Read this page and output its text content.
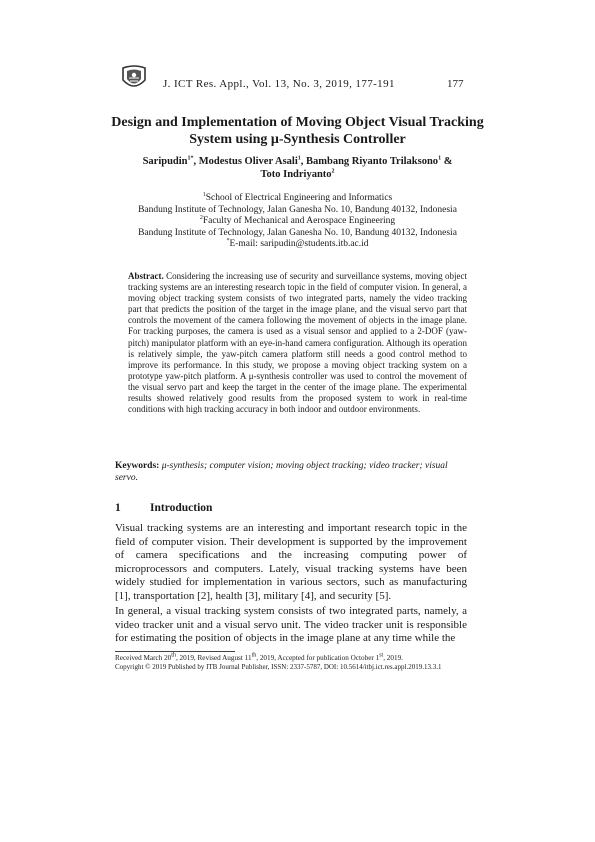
J. ICT Res. Appl., Vol. 13, No. 3, 2019, 177-191	177
Design and Implementation of Moving Object Visual Tracking System using μ-Synthesis Controller
Saripudin$^{1*}$, Modestus Oliver Asali$^1$, Bambang Riyanto Trilaksono$^1$ &
Toto Indriyanto$^2$
$^1$School of Electrical Engineering and Informatics
Bandung Institute of Technology, Jalan Ganesha No. 10, Bandung 40132, Indonesia
$^2$Faculty of Mechanical and Aerospace Engineering
Bandung Institute of Technology, Jalan Ganesha No. 10, Bandung 40132, Indonesia
*E-mail: saripudin@students.itb.ac.id
Abstract. Considering the increasing use of security and surveillance systems, moving object tracking systems are an interesting research topic in the field of computer vision. In general, a moving object tracking system consists of two integrated parts, namely the video tracking part that predicts the position of the target in the image plane, and the visual servo part that controls the movement of the camera following the movement of objects in the image plane. For tracking purposes, the camera is used as a visual sensor and applied to a 2-DOF (yaw-pitch) manipulator platform with an eye-in-hand camera configuration. Although its operation is relatively simple, the yaw-pitch camera platform still needs a good control method to improve its performance. In this study, we propose a moving object tracking system on a prototype yaw-pitch platform. A μ-synthesis controller was used to control the movement of the visual servo part and keep the target in the center of the image plane. The experimental results showed relatively good results from the proposed system to work in real-time conditions with high tracking accuracy in both indoor and outdoor environments.
Keywords: μ-synthesis; computer vision; moving object tracking; video tracker; visual servo.
1	Introduction
Visual tracking systems are an interesting and important research topic in the field of computer vision. Their development is supported by the improvement of camera specifications and the increasing computing power of microprocessors and computers. Lately, visual tracking systems have been widely studied for implementation in various sectors, such as manufacturing [1], transportation [2], health [3], military [4], and security [5].
In general, a visual tracking system consists of two integrated parts, namely, a video tracker unit and a visual servo unit. The video tracker unit is responsible for estimating the position of objects in the image plane at any time while the
Received March 20th, 2019, Revised August 11th, 2019, Accepted for publication October 1st, 2019.
Copyright © 2019 Published by ITB Journal Publisher, ISSN: 2337-5787, DOI: 10.5614/itbj.ict.res.appl.2019.13.3.1
